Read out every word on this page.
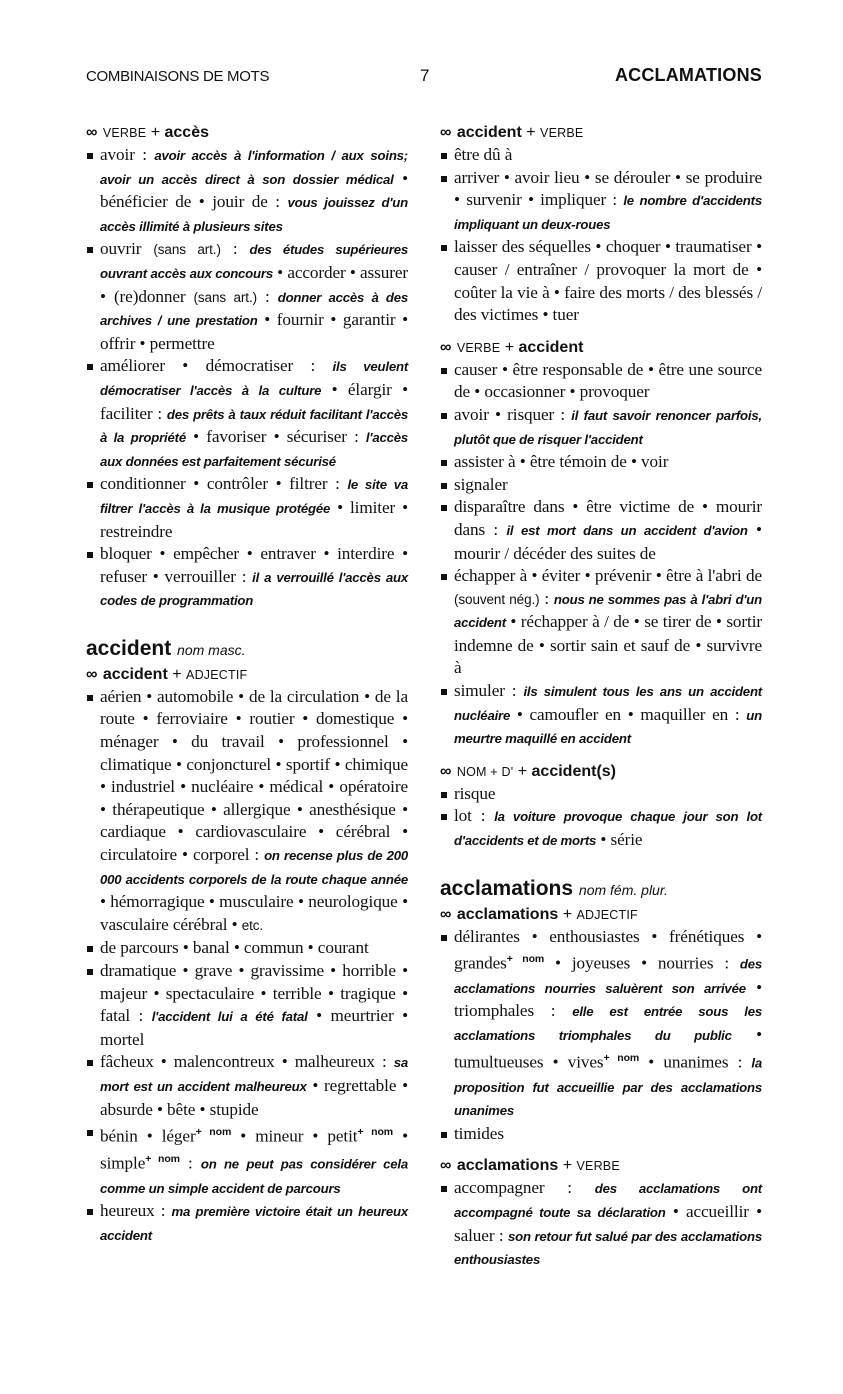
COMBINAISONS DE MOTS	7	ACCLAMATIONS

∞ VERBE + accès

avoir : avoir accès à l'information / aux soins; avoir un accès direct à son dossier médical • bénéficier de • jouir de : vous jouissez d'un accès illimité à plusieurs sites
ouvrir (sans art.) : des études supérieures ouvrant accès aux concours • accorder • assurer • (re)donner (sans art.) : donner accès à des archives / une prestation • fournir • garantir • offrir • permettre
améliorer • démocratiser : ils veulent démocratiser l'accès à la culture • élargir • faciliter : des prêts à taux réduit facilitant l'accès à la propriété • favoriser • sécuriser : l'accès aux données est parfaitement sécurisé
conditionner • contrôler • filtrer : le site va filtrer l'accès à la musique protégée • limiter • restreindre
bloquer • empêcher • entraver • interdire • refuser • verrouiller : il a verrouillé l'accès aux codes de programmation
accident nom masc.

∞ accident + ADJECTIF

aérien • automobile • de la circulation • de la route • ferroviaire • routier • domestique • ménager • du travail • professionnel • climatique • conjoncturel • sportif • chimique • industriel • nucléaire • médical • opératoire • thérapeutique • allergique • anesthésique • cardiaque • cardiovasculaire • cérébral • circulatoire • corporel : on recense plus de 200 000 accidents corporels de la route chaque année • hémorragique • musculaire • neurologique • vasculaire cérébral • etc.
de parcours • banal • commun • courant
dramatique • grave • gravissime • horrible • majeur • spectaculaire • terrible • tragique • fatal : l'accident lui a été fatal • meurtrier • mortel
fâcheux • malencontreux • malheureux : sa mort est un accident malheureux • regrettable • absurde • bête • stupide
bénin • léger$^{+ nom}$ • mineur • petit$^{+ nom}$ • simple$^{+ nom}$ : on ne peut pas considérer cela comme un simple accident de parcours
heureux : ma première victoire était un heureux accident

∞ accident + VERBE

être dû à
arriver • avoir lieu • se dérouler • se produire • survenir • impliquer : le nombre d'accidents impliquant un deux-roues
laisser des séquelles • choquer • traumatiser • causer / entraîner / provoquer la mort de • coûter la vie à • faire des morts / des blessés / des victimes • tuer

∞ VERBE + accident

causer • être responsable de • être une source de • occasionner • provoquer
avoir • risquer : il faut savoir renoncer parfois, plutôt que de risquer l'accident
assister à • être témoin de • voir
signaler
disparaître dans • être victime de • mourir dans : il est mort dans un accident d'avion • mourir / décéder des suites de
échapper à • éviter • prévenir • être à l'abri de (souvent nég.) : nous ne sommes pas à l'abri d'un accident • réchapper à / de • se tirer de • sortir indemne de • sortir sain et sauf de • survivre à
simuler : ils simulent tous les ans un accident nucléaire • camoufler en • maquiller en : un meurtre maquillé en accident

∞ NOM + D' + accident(s)

risque
lot : la voiture provoque chaque jour son lot d'accidents et de morts • série
acclamations nom fém. plur.

∞ acclamations + ADJECTIF

délirantes • enthousiastes • frénétiques • grandes$^{+ nom}$ • joyeuses • nourries : des acclamations nourries saluèrent son arrivée • triomphales : elle est entrée sous les acclamations triomphales du public • tumultueuses • vives$^{+ nom}$ • unanimes : la proposition fut accueillie par des acclamations unanimes
timides

∞ acclamations + VERBE

accompagner : des acclamations ont accompagné toute sa déclaration • accueillir • saluer : son retour fut salué par des acclamations enthousiastes
